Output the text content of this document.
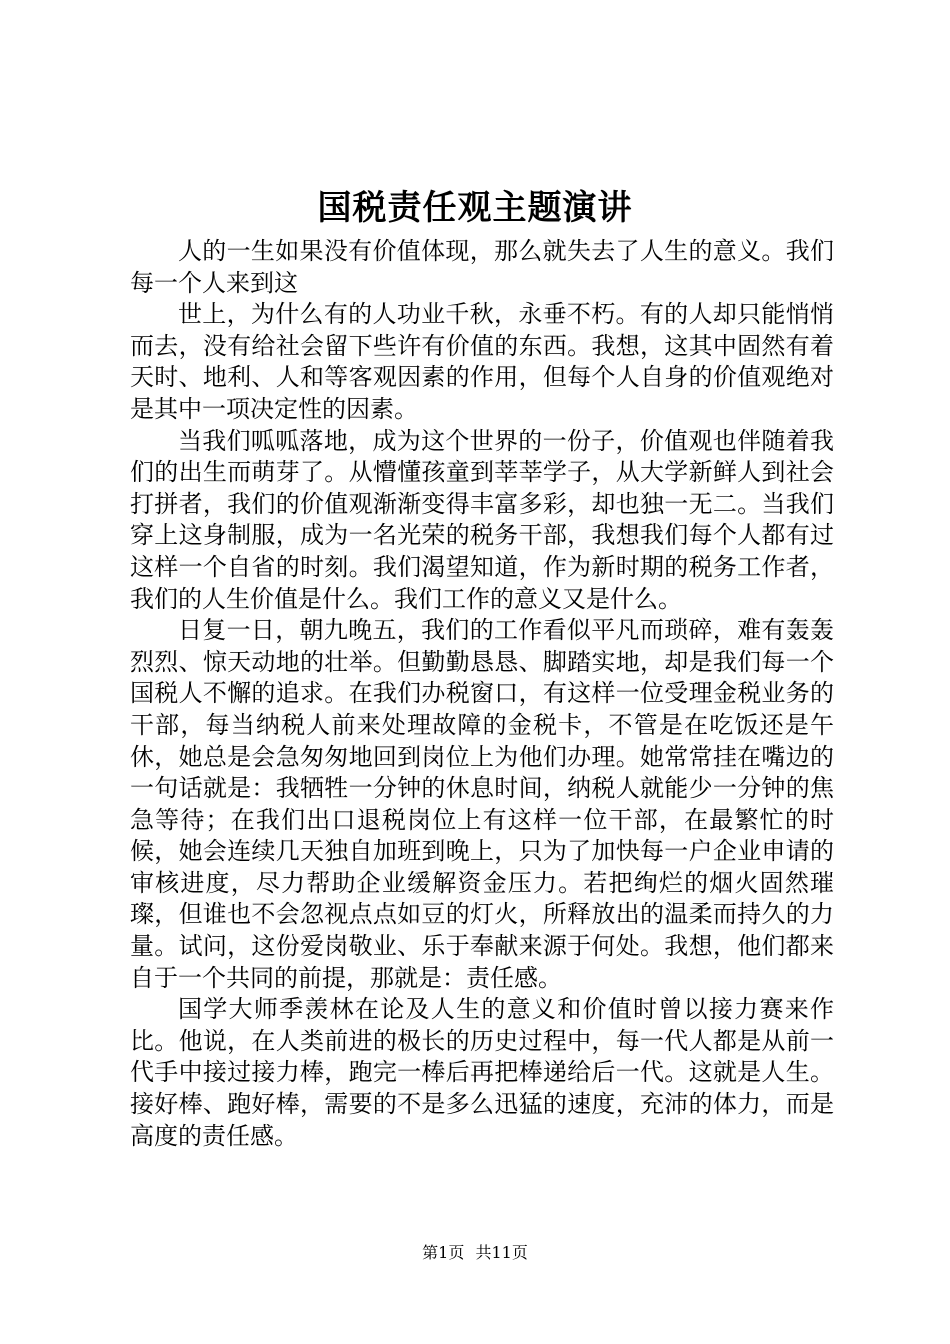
国税责任观主题演讲

人的一生如果没有价值体现，那么就失去了人生的意义。我们每一个人来到这

世上，为什么有的人功业千秋，永垂不朽。有的人却只能悄悄而去，没有给社会留下些许有价值的东西。我想，这其中固然有着天时、地利、人和等客观因素的作用，但每个人自身的价值观绝对是其中一项决定性的因素。

当我们呱呱落地，成为这个世界的一份子，价值观也伴随着我们的出生而萌芽了。从懵懂孩童到莘莘学子，从大学新鲜人到社会打拼者，我们的价值观渐渐变得丰富多彩，却也独一无二。当我们穿上这身制服，成为一名光荣的税务干部，我想我们每个人都有过这样一个自省的时刻。我们渴望知道，作为新时期的税务工作者，我们的人生价值是什么。我们工作的意义又是什么。

日复一日，朝九晚五，我们的工作看似平凡而琐碎，难有轰轰烈烈、惊天动地的壮举。但勤勤恳恳、脚踏实地，却是我们每一个国税人不懈的追求。在我们办税窗口，有这样一位受理金税业务的干部，每当纳税人前来处理故障的金税卡，不管是在吃饭还是午休，她总是会急匆匆地回到岗位上为他们办理。她常常挂在嘴边的一句话就是：我牺牲一分钟的休息时间，纳税人就能少一分钟的焦急等待；在我们出口退税岗位上有这样一位干部，在最繁忙的时候，她会连续几天独自加班到晚上，只为了加快每一户企业申请的审核进度，尽力帮助企业缓解资金压力。若把绚烂的烟火固然璀璨，但谁也不会忽视点点如豆的灯火，所释放出的温柔而持久的力量。试问，这份爱岗敬业、乐于奉献来源于何处。我想，他们都来自于一个共同的前提，那就是：责任感。

国学大师季羡林在论及人生的意义和价值时曾以接力赛来作比。他说，在人类前进的极长的历史过程中，每一代人都是从前一代手中接过接力棒，跑完一棒后再把棒递给后一代。这就是人生。接好棒、跑好棒，需要的不是多么迅猛的速度，充沛的体力，而是高度的责任感。

第1页 共11页
